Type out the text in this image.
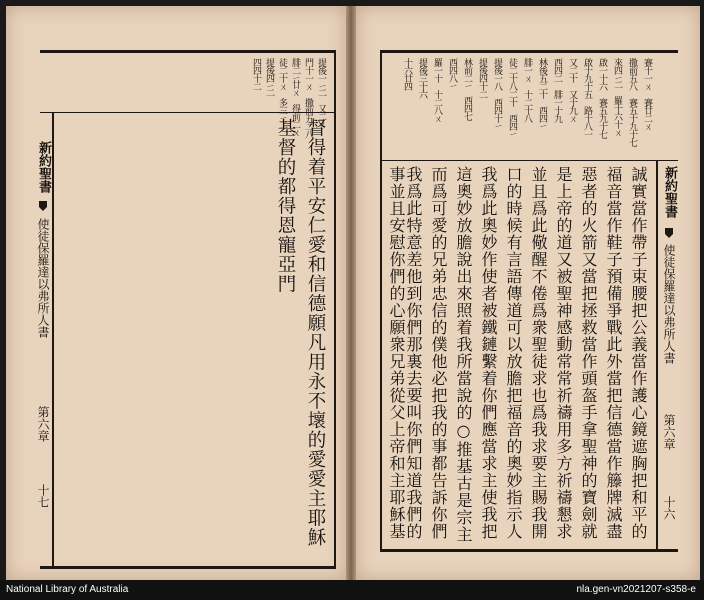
提後一ㄧ二　又二ㄨ
門十一ㄨ　撒前五二八
腓二ㄧ廿ㄨ　得前二ㄨ
徒二十ㄨ　多三ㄧ二
提後四ㄧ二
四四十二
督得着平安仁愛和信德願凡用永不壞的愛愛主耶穌
基督的都得恩寵亞門
新約聖書
使徒保羅達以弗所人書
第六章
十七
賽十一ㄨ　賽廿二ㄨ
撒前五八　賽五十九十七
來四ㄧ二　羅十六十ㄨ
啟一十六　賽五九十七
啟十九十五　路十八一
又二十　又十九ㄨ
西四二　腓一十九
林後五二十　西四ㄧ
腓一ㄨ　十二十八
徒二十八二十　西四ㄧ
提後一八　西四十ㄧ
提後四十二
林前二ㄧ　西四七
西四八ㄧ
羅一十　十二八ㄨ
提後三十六
十六廿四
誠實當作帶子束腰把公義當作護心鏡遮胸把和平的
福音當作鞋子預備爭戰此外當把信德當作籐牌滅盡
惡者的火箭又當把拯救當作頭盔手拿聖神的寶劍就
是上帝的道又被聖神感動常常祈禱用多方祈禱懇求
並且爲此儆醒不倦爲衆聖徒求也爲我求要主賜我開
口的時候有言語傳道可以放膽把福音的奧妙指示人
我爲此奧妙作使者被鐵鏈繫着你們應當求主使我把
這奧妙放膽說出來照着我所當說的○推基古是宗主
而爲可愛的兄弟忠信的僕他必把我的事都告訴你們
我爲此特意差他到你們那裏去要叫你們知道我們的
事並且安慰你們的心願衆兄弟從父上帝和主耶穌基	新約聖書
使徒保羅達以弗所人書
第六章
十六
National Library of Australia	nla.gen-vn2021207-s358-e
